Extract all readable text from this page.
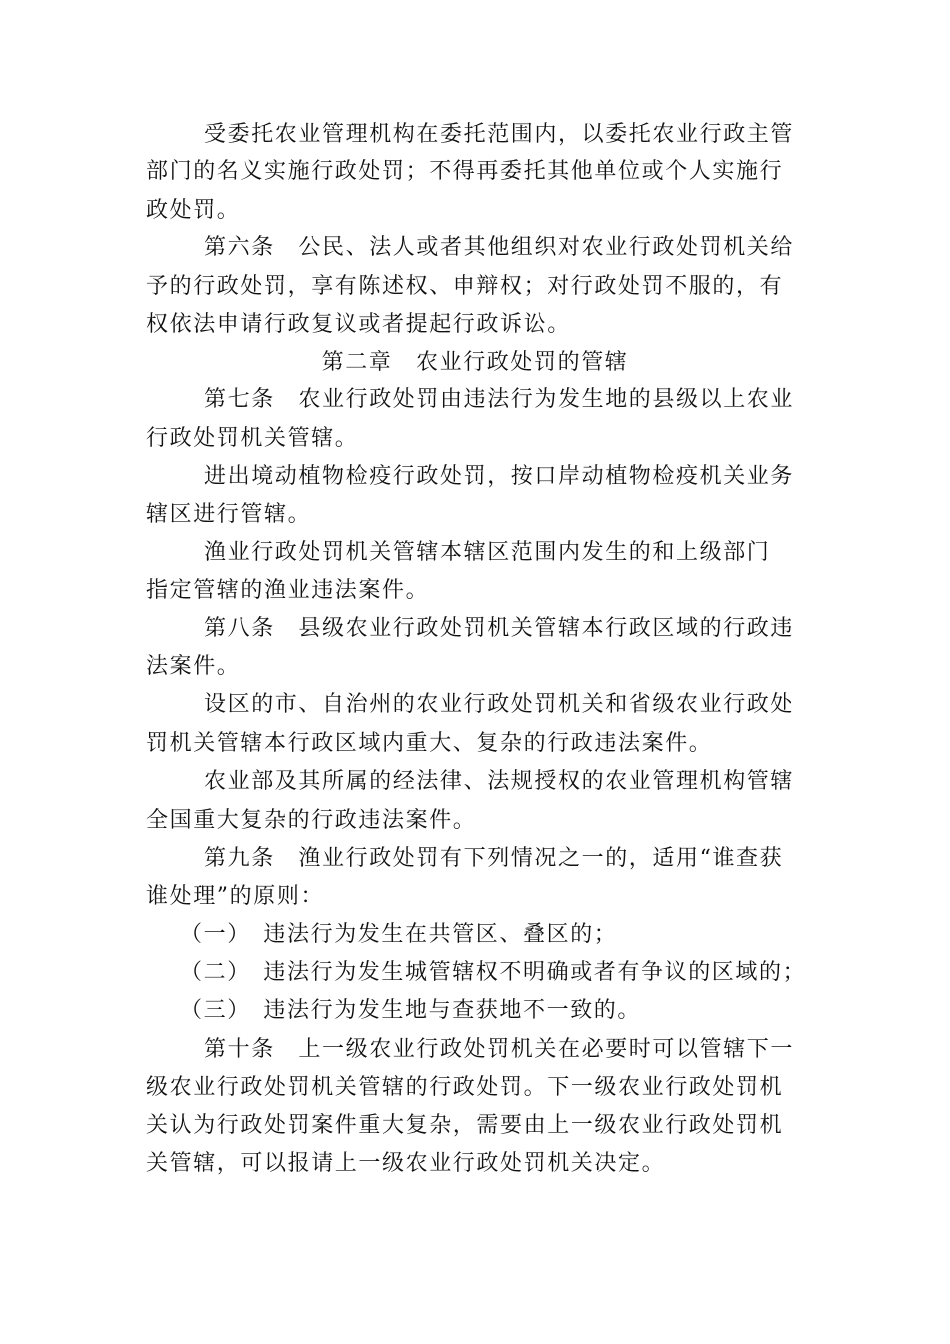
受委托农业管理机构在委托范围内，以委托农业行政主管
部门的名义实施行政处罚；不得再委托其他单位或个人实施行
政处罚。
第六条　公民、法人或者其他组织对农业行政处罚机关给
予的行政处罚，享有陈述权、申辩权；对行政处罚不服的，有
权依法申请行政复议或者提起行政诉讼。
第二章　农业行政处罚的管辖
第七条　农业行政处罚由违法行为发生地的县级以上农业
行政处罚机关管辖。
进出境动植物检疫行政处罚，按口岸动植物检疫机关业务
辖区进行管辖。
渔业行政处罚机关管辖本辖区范围内发生的和上级部门
指定管辖的渔业违法案件。
第八条　县级农业行政处罚机关管辖本行政区域的行政违
法案件。
设区的市、自治州的农业行政处罚机关和省级农业行政处
罚机关管辖本行政区域内重大、复杂的行政违法案件。
农业部及其所属的经法律、法规授权的农业管理机构管辖
全国重大复杂的行政违法案件。
第九条　渔业行政处罚有下列情况之一的，适用“谁查获
谁处理”的原则：
（一）　违法行为发生在共管区、叠区的；
（二）　违法行为发生城管辖权不明确或者有争议的区域的；
（三）　违法行为发生地与查获地不一致的。
第十条　上一级农业行政处罚机关在必要时可以管辖下一
级农业行政处罚机关管辖的行政处罚。下一级农业行政处罚机
关认为行政处罚案件重大复杂，需要由上一级农业行政处罚机
关管辖，可以报请上一级农业行政处罚机关决定。
